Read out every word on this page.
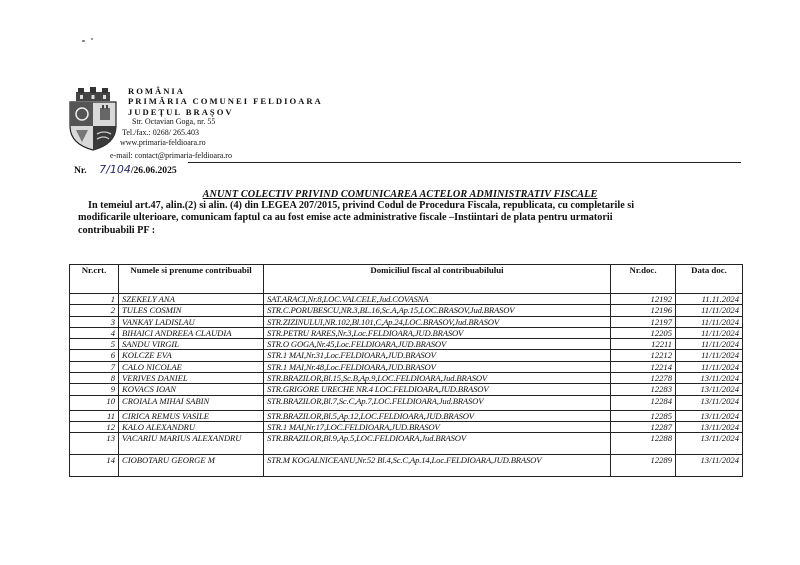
ROMÂNIA
PRIMĂRIA COMUNEI FELDIOARA
JUDEȚUL BRAȘOV
Str. Octavian Goga, nr. 55
Tel./fax.: 0268/ 265.403
www.primaria-feldioara.ro
e-mail: contact@primaria-feldioara.ro
Nr. 7/104/26.06.2025
ANUNT COLECTIV PRIVIND COMUNICAREA ACTELOR ADMINISTRATIV FISCALE
In temeiul art.47, alin.(2) si alin. (4) din LEGEA 207/2015, privind Codul de Procedura Fiscala, republicata, cu completarile si
modificarile ulterioare, comunicam faptul ca au fost emise acte administrative fiscale –Instiintari de plata pentru urmatorii
contribuabili PF :
Nr.crt.	Numele si prenume contribuabil	Domiciliul fiscal al contribuabilului	Nr.doc.	Data doc.
1	SZEKELY ANA	SAT.ARACI,Nr.8,LOC.VALCELE,Jud.COVASNA	12192	11.11.2024
2	TULES COSMIN	STR.C.PORUBESCU,NR.3,BL.16,Sc.A,Ap.15,LOC.BRASOV,Jud.BRASOV	12196	11/11/2024
3	VANKAY LADISLAU	STR.ZIZINULUI,NR.102,Bl.101,C,Ap.24,LOC.BRASOV,Jud.BRASOV	12197	11/11/2024
4	BIHAICI ANDREEA CLAUDIA	STR.PETRU RARES,Nr.3,Loc.FELDIOARA,JUD.BRASOV	12205	11/11/2024
5	SANDU VIRGIL	STR.O GOGA,Nr.45,Loc.FELDIOARA,JUD.BRASOV	12211	11/11/2024
6	KOLCZE EVA	STR.1 MAI,Nr.31,Loc.FELDIOARA,JUD.BRASOV	12212	11/11/2024
7	CALO NICOLAE	STR.1 MAI,Nr.48,Loc.FELDIOARA,JUD.BRASOV	12214	11/11/2024
8	VERIVES DANIEL	STR.BRAZILOR,Bl.15,Sc.B,Ap.9,LOC.FELDIOARA,Jud.BRASOV	12278	13/11/2024
9	KOVACS IOAN	STR.GRIGORE URECHE NR.4 LOC.FELDIOARA,JUD.BRASOV	12283	13/11/2024
10	CROIALA MIHAI SABIN	STR.BRAZILOR,Bl.7,Sc.C,Ap.7,LOC.FELDIOARA,Jud.BRASOV	12284	13/11/2024
11	CIRICA REMUS VASILE	STR.BRAZILOR,Bl.5,Ap.12,LOC.FELDIOARA,JUD.BRASOV	12285	13/11/2024
12	KALO ALEXANDRU	STR.1 MAI,Nr.17,LOC.FELDIOARA,JUD.BRASOV	12287	13/11/2024
13	VACARIU MARIUS ALEXANDRU	STR.BRAZILOR,Bl.9,Ap.5,LOC.FELDIOARA,Jud.BRASOV	12288	13/11/2024
14	CIOBOTARU GEORGE M	STR.M KOGALNICEANU,Nr.52 Bl.4,Sc.C,Ap.14,Loc.FELDIOARA,JUD.BRASOV	12289	13/11/2024
